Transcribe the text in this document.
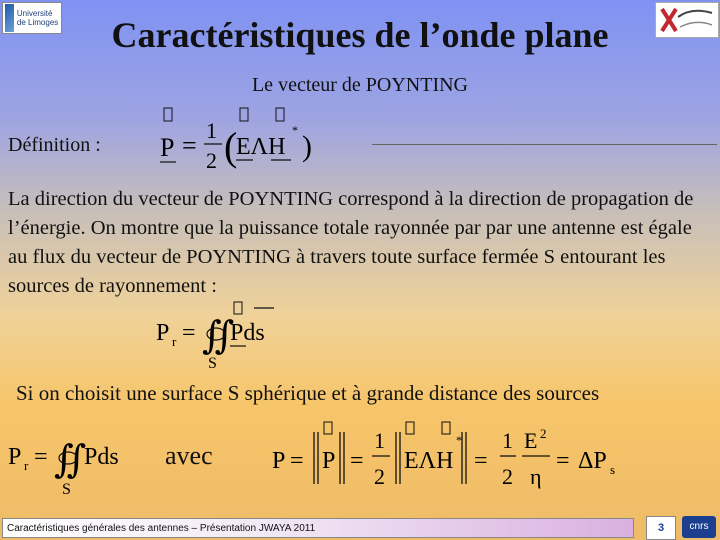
Université de Limoges	Caractéristiques de l’onde plane
Le vecteur de POYNTING
Définition : P =
1
2 (
EΛH
* )
La direction du vecteur de POYNTING correspond à la direction de propagation de l’énergie. On montre que la puissance totale rayonnée par par une antenne est égale au flux du vecteur de POYNTING à travers toute surface fermée S entourant les sources de rayonnement :
P r = ∬
S
Pds
Si on choisit une surface S sphérique et à grande distance des sources
P r = ∬
S
Pds avec P = P =
1
2
EΛH
*
=
1
2
E 2
η
= ΔP s
Caractéristiques générales des antennes – Présentation JWAYA 2011	3	cnrs
